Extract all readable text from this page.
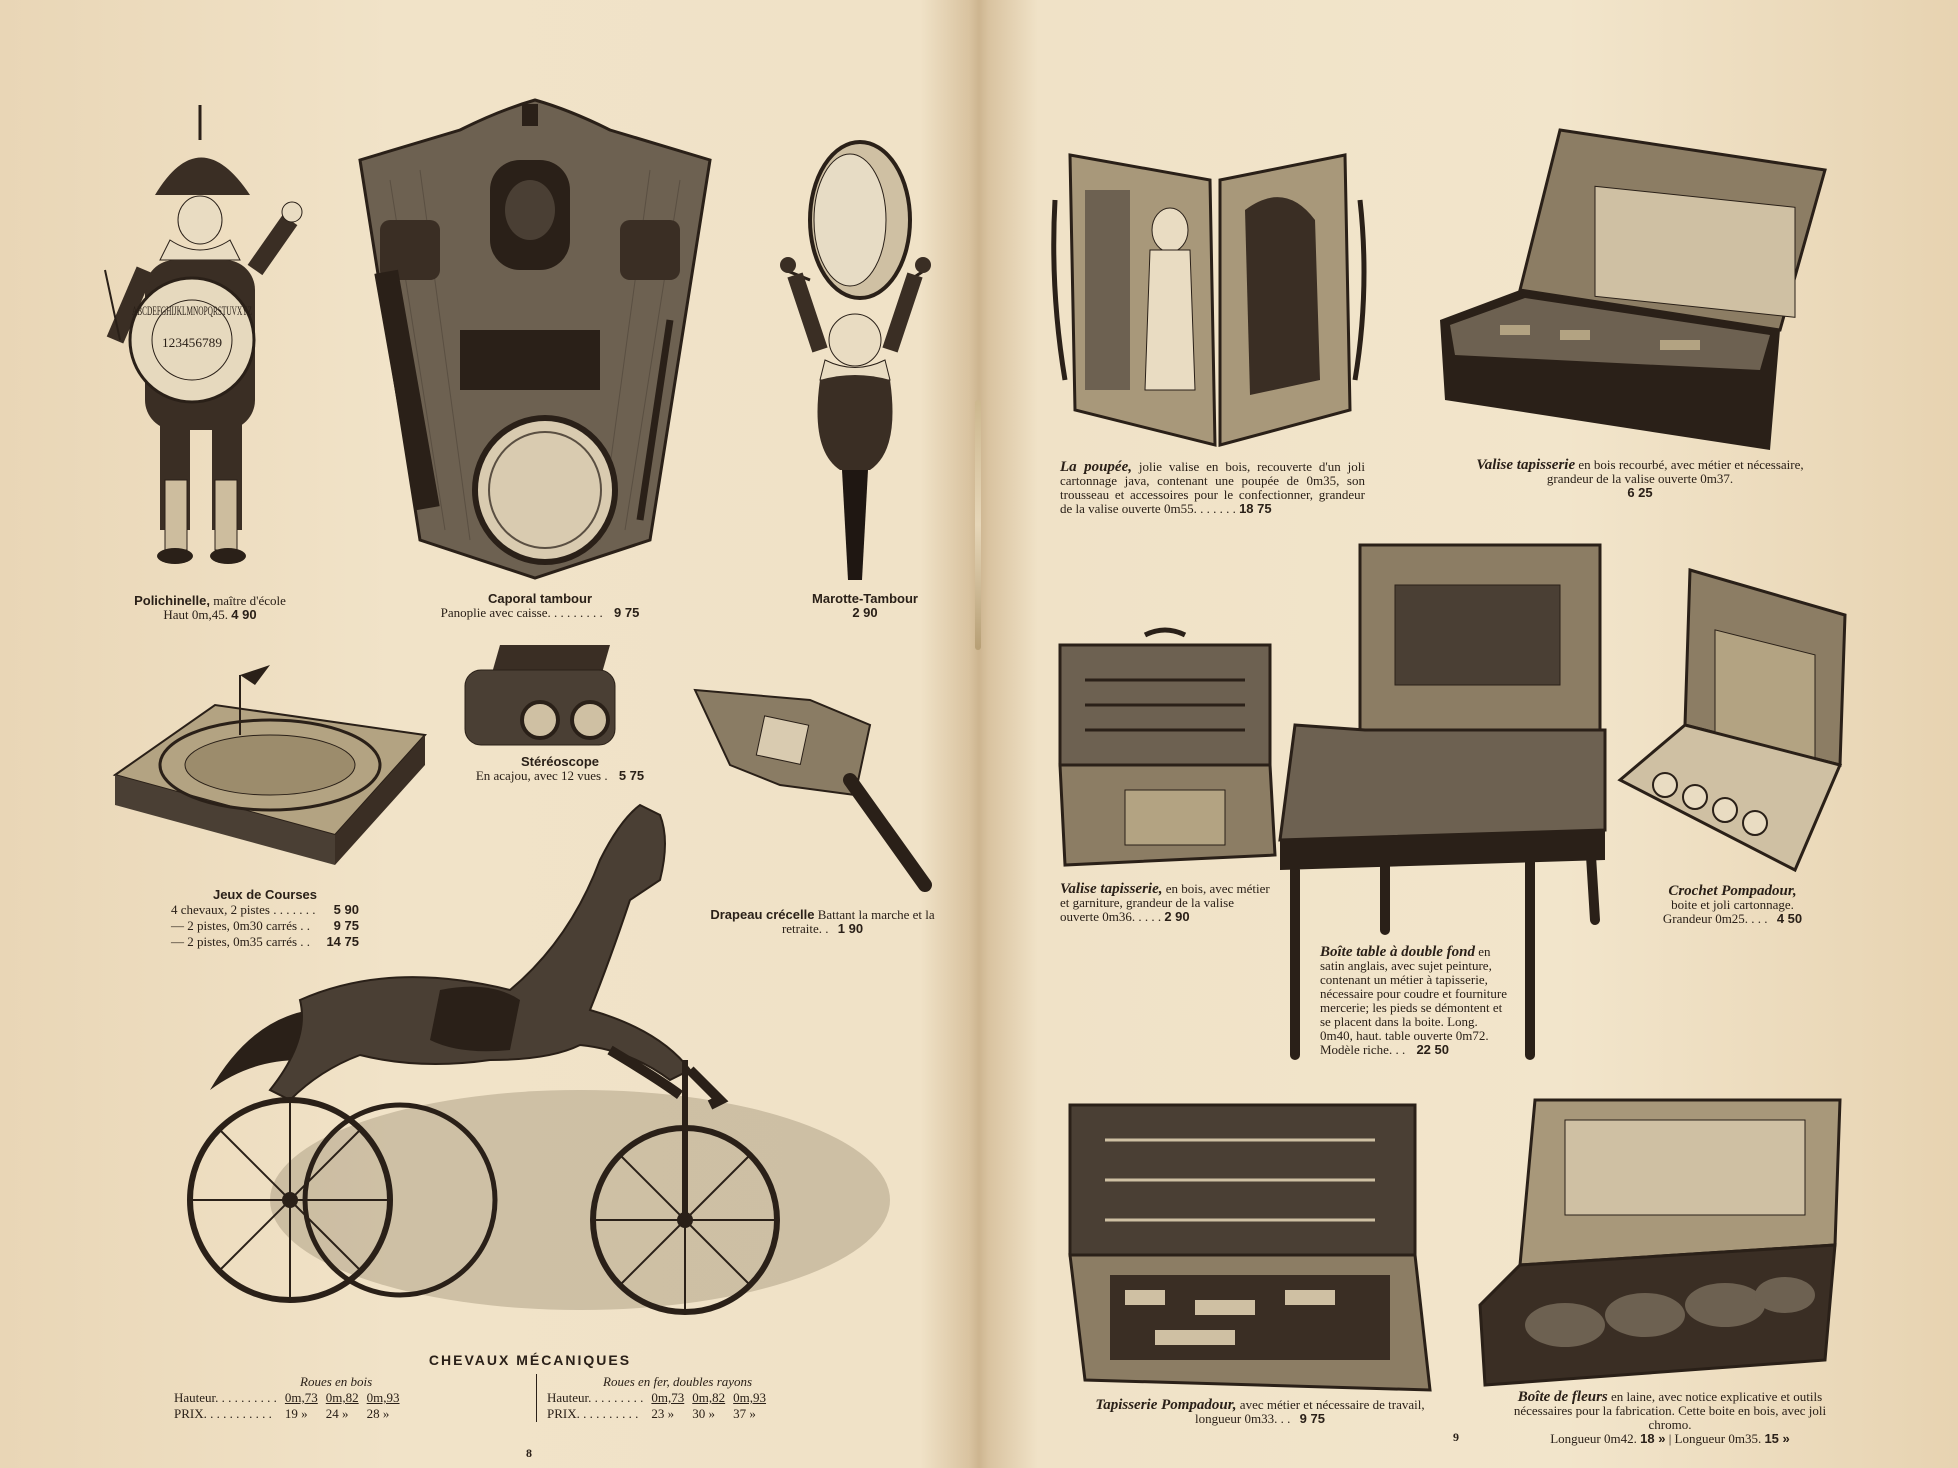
ABCDEFGHIJKLMNOPQRSTUVXYZ
123456789
Polichinelle, maître d'école
Haut 0m,45. 4 90
Caporal tambour
Panoplie avec caisse. . . . . . . . . 9 75
Marotte-Tambour
2 90
Jeux de Courses
4 chevaux, 2 pistes . . . . . . .	5 90
— 2 pistes, 0m30 carrés . .	9 75
— 2 pistes, 0m35 carrés . .	14 75
Stéréoscope
En acajou, avec 12 vues . 5 75
Drapeau crécelle Battant la marche et la retraite. . 1 90
CHEVAUX MÉCANIQUES
Roues en bois
Hauteur. . . . . . . . . .	0m,73	0m,82	0m,93
PRIX. . . . . . . . . . .	19 »	24 »	28 »
Roues en fer, doubles rayons
Hauteur. . . . . . . . .	0m,73	0m,82	0m,93
PRIX. . . . . . . . . .	23 »	30 »	37 »
8
La poupée, jolie valise en bois, recouverte d'un joli cartonnage java, contenant une poupée de 0m35, son trousseau et accessoires pour le confectionner, grandeur de la valise ouverte 0m55. . . . . . . 18 75
Valise tapisserie en bois recourbé, avec métier et nécessaire, grandeur de la valise ouverte 0m37.
6 25
Valise tapisserie, en bois, avec métier et garniture, grandeur de la valise ouverte 0m36. . . . . 2 90
Boîte table à double fond en satin anglais, avec sujet peinture, contenant un métier à tapisserie, nécessaire pour coudre et fourniture mercerie; les pieds se démontent et se placent dans la boite. Long. 0m40, haut. table ouverte 0m72.
Modèle riche. . . 22 50
Crochet Pompadour,
boite et joli cartonnage.
Grandeur 0m25. . . . 4 50
Tapisserie Pompadour, avec métier et nécessaire de travail, longueur 0m33. . . 9 75
Boîte de fleurs en laine, avec notice explicative et outils nécessaires pour la fabrication. Cette boite en bois, avec joli chromo.
Longueur 0m42. 18 » | Longueur 0m35. 15 »
9
